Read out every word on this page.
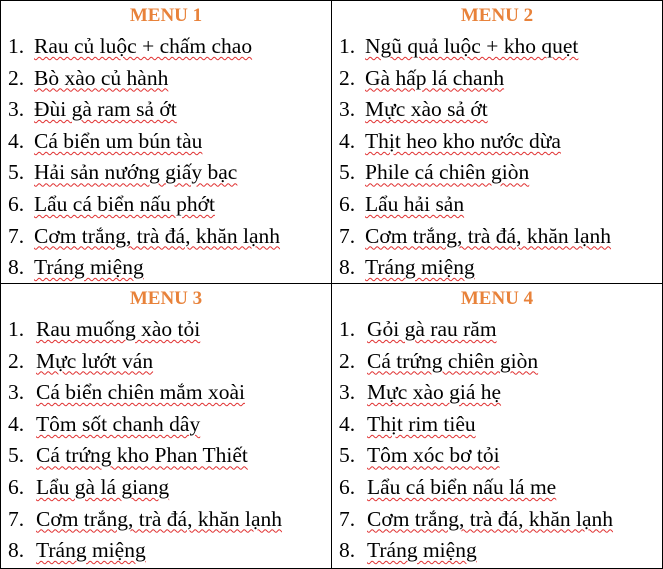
MENU 1
1. Rau củ luộc + chấm chao
2. Bò xào củ hành
3. Đùi gà ram sả ớt
4. Cá biển um bún tàu
5. Hải sản nướng giấy bạc
6. Lẩu cá biển nấu phớt
7. Cơm trắng, trà đá, khăn lạnh
8. Tráng miệng
MENU 2
1. Ngũ quả luộc + kho quẹt
2. Gà hấp lá chanh
3. Mực xào sả ớt
4. Thịt heo kho nước dừa
5. Phile cá chiên giòn
6. Lẩu hải sản
7. Cơm trắng, trà đá, khăn lạnh
8. Tráng miệng
MENU 3
1. Rau muống xào tỏi
2. Mực lướt ván
3. Cá biển chiên mắm xoài
4. Tôm sốt chanh dây
5. Cá trứng kho Phan Thiết
6. Lẩu gà lá giang
7. Cơm trắng, trà đá, khăn lạnh
8. Tráng miệng
MENU 4
1. Gỏi gà rau răm
2. Cá trứng chiên giòn
3. Mực xào giá hẹ
4. Thịt rim tiêu
5. Tôm xóc bơ tỏi
6. Lẩu cá biển nấu lá me
7. Cơm trắng, trà đá, khăn lạnh
8. Tráng miệng
